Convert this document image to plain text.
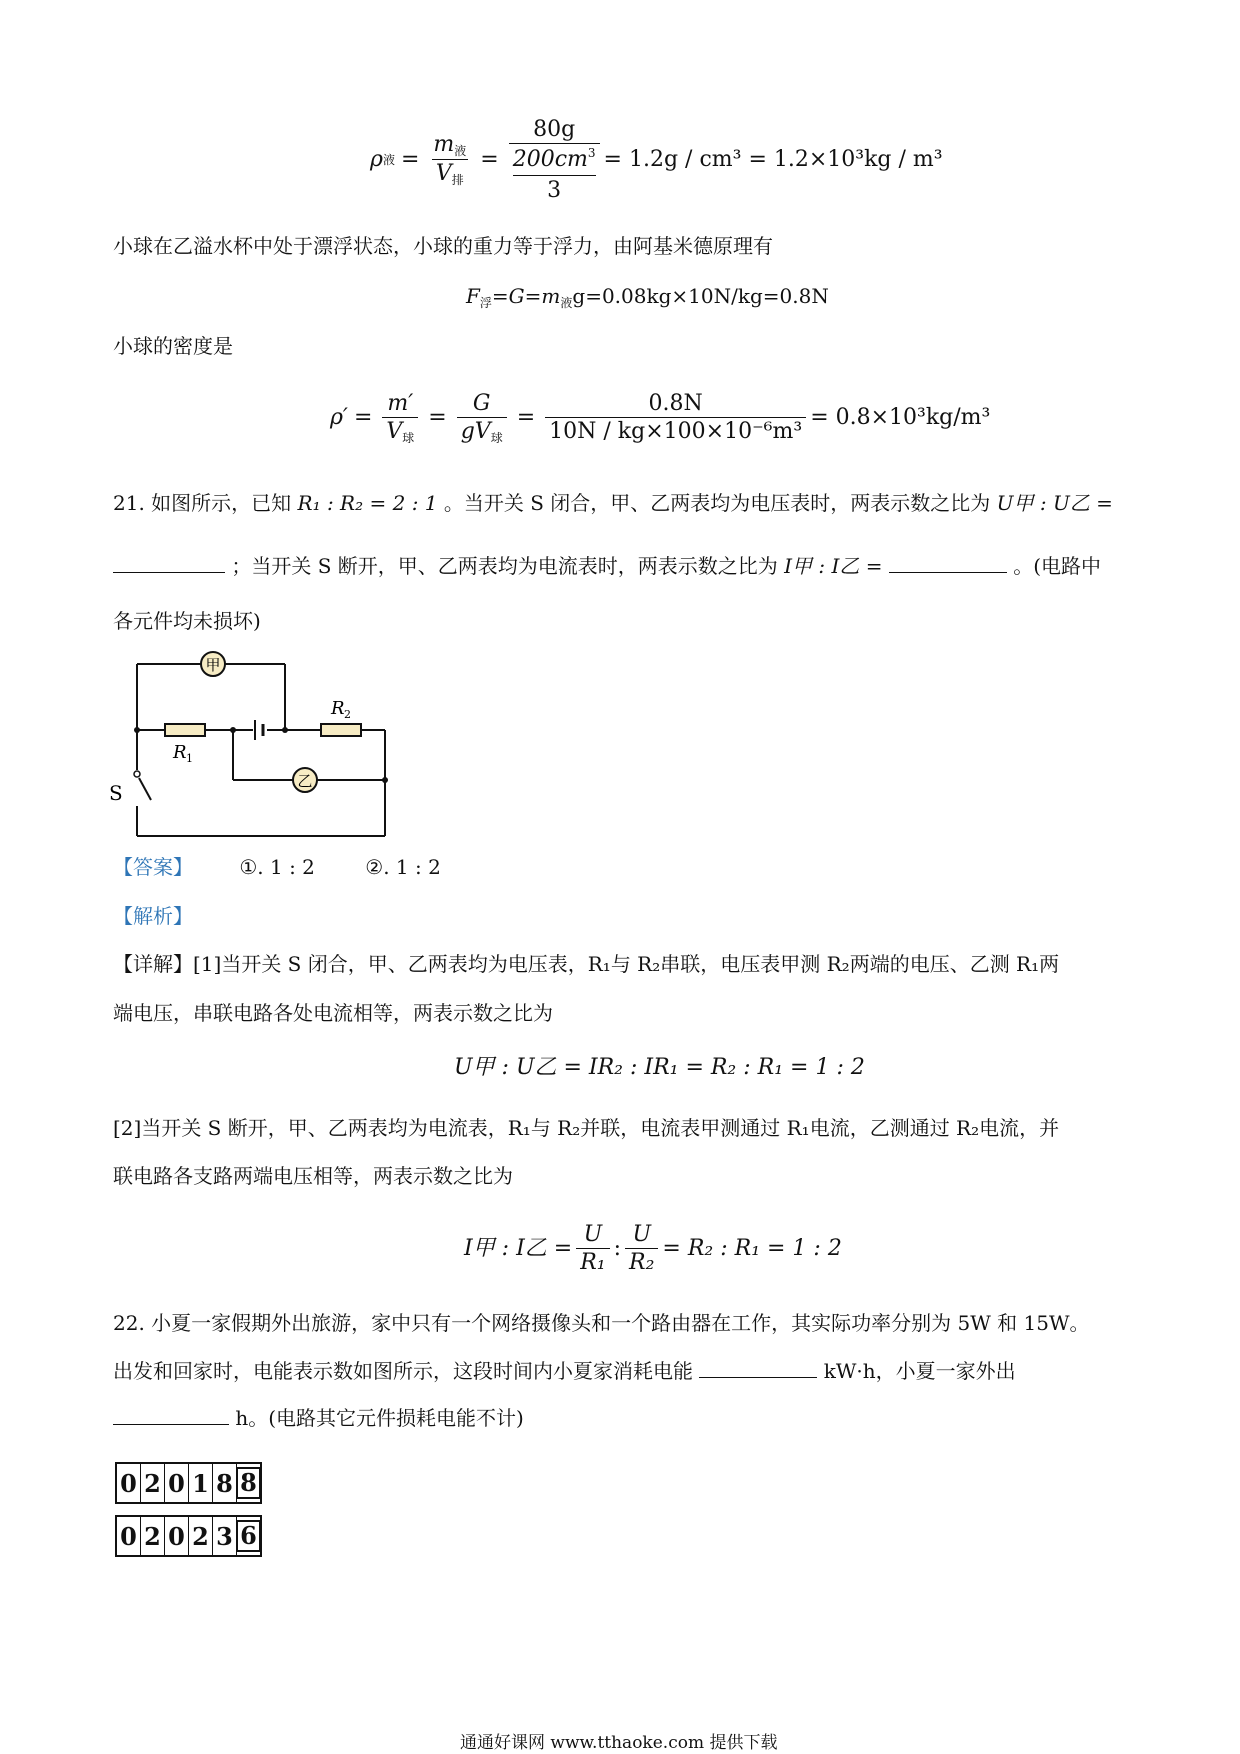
ρ 液 = $\frac{m_液}{V_排} = 80g$
$200cm^3$
3 = 1.2g / cm³ = 1.2×10³kg / m³
小球在乙溢水杯中处于漂浮状态，小球的重力等于浮力，由阿基米德原理有
$F_浮=G=m_液g=0.08kg\times 10N/kg=0.8N$
小球的密度是
$\rho' = \frac{m'}{V_球} = \frac{G}{gV_球} = \frac{0.8N}{\text{10N / kg×100×10⁻⁶m³}} = 0.8\times 10^3kg/m^3$
21. 如图所示，已知 R₁ : R₂ = 2 : 1 。当开关 S 闭合，甲、乙两表均为电压表时，两表示数之比为 U甲 : U乙 =
；当开关 S 断开，甲、乙两表均为电流表时，两表示数之比为 I甲 : I乙 =	。(电路中
各元件均未损坏)
甲
乙
R 1
R 2
S
【答案】 ①. 1 : 2	②. 1 : 2
【解析】
【详解】[1]当开关 S 闭合，甲、乙两表均为电压表，R₁与 R₂串联，电压表甲测 R₂两端的电压、乙测 R₁两
端电压，串联电路各处电流相等，两表示数之比为
U甲 : U乙 = IR₂ : IR₁ = R₂ : R₁ = 1 : 2
[2]当开关 S 断开，甲、乙两表均为电流表，R₁与 R₂并联，电流表甲测通过 R₁电流，乙测通过 R₂电流，并
联电路各支路两端电压相等，两表示数之比为
I甲 : I乙 = $\frac{U}{\text{R₁}}$ : $\frac{U}{\text{R₂}} = R_2$ : R₁ = 1 : 2
22. 小夏一家假期外出旅游，家中只有一个网络摄像头和一个路由器在工作，其实际功率分别为 5W 和 15W。
出发和回家时，电能表示数如图所示，这段时间内小夏家消耗电能	kW·h，小夏一家外出
h。(电路其它元件损耗电能不计)
0 2 0 1 8 8
0 2 0 2 3 6
通通好课网 www.tthaoke.com 提供下载
